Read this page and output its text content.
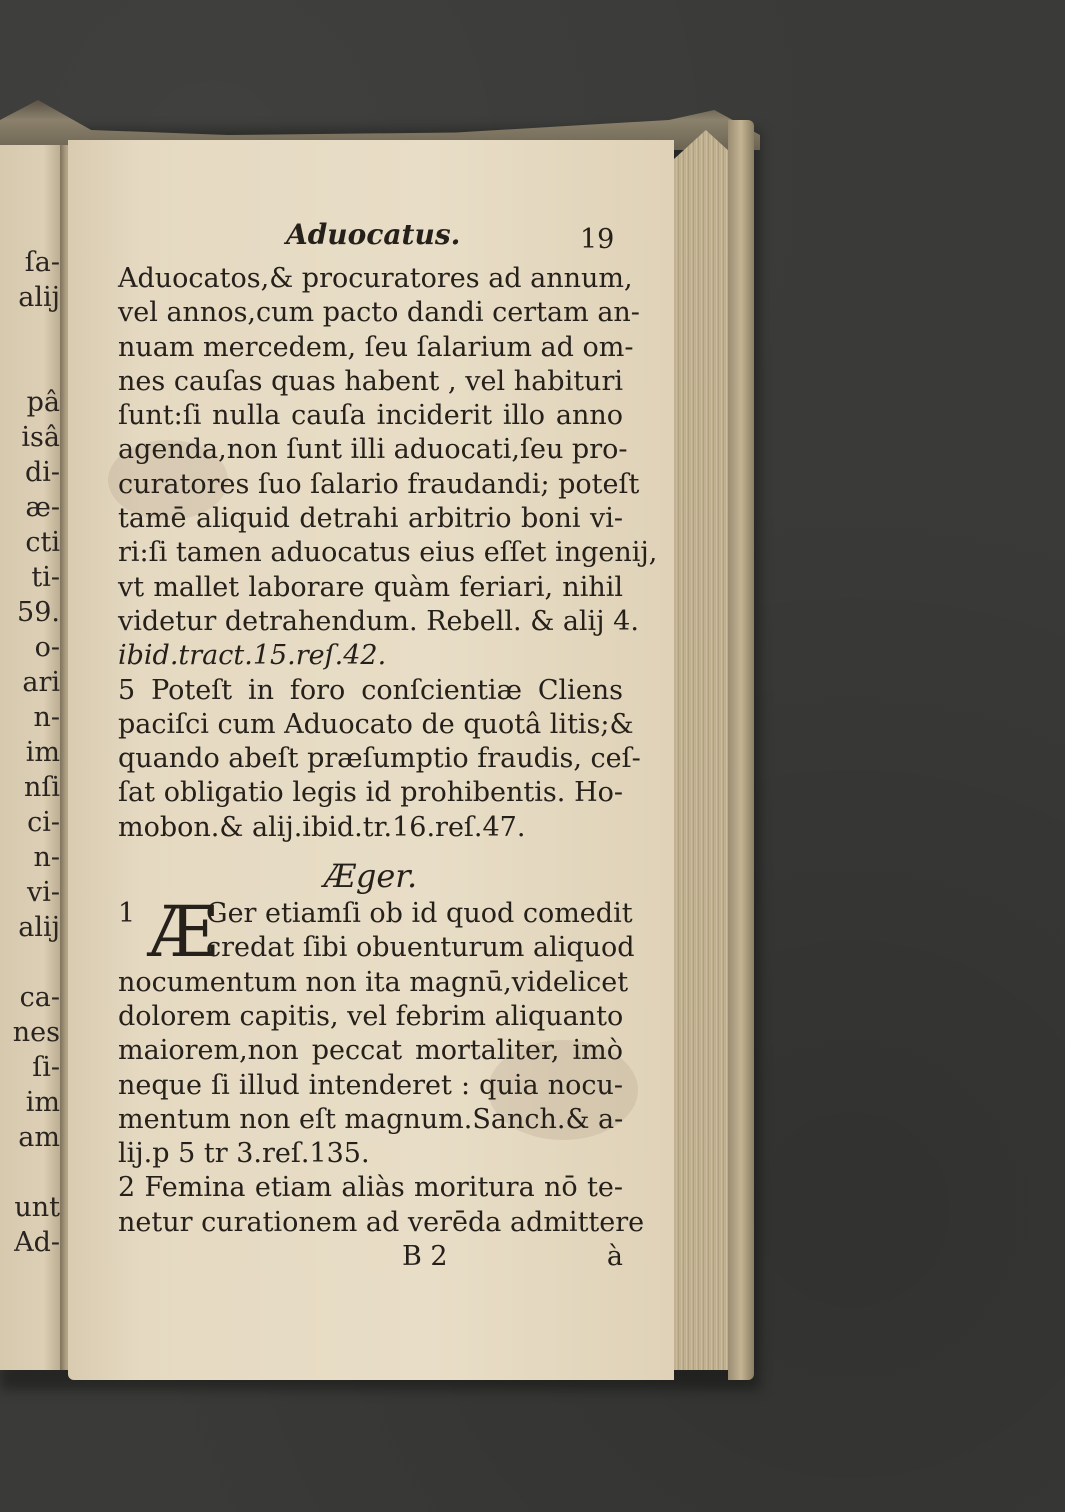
ſa-
alij
pâ
isâ
di-
æ-
cti
ti-
59.
o-
ari
n-
im
nſi
ci-
n-
vi-
alij
ca-
nes
ſi-
im
am
unt
Ad-
Aduocatus.	19
Aduocatos,& procuratores ad annum,
vel annos,cum pacto dandi certam an-
nuam mercedem, ſeu ſalarium ad om-
nes cauſas quas habent , vel habituri
ſunt:ſi nulla cauſa inciderit illo anno
agenda,non ſunt illi aduocati,ſeu pro-
curatores ſuo ſalario fraudandi; poteſt
tamē aliquid detrahi arbitrio boni vi-
ri:ſi tamen aduocatus eius eſſet ingenij,
vt mallet laborare quàm feriari, nihil
videtur detrahendum. Rebell. & alij 4.
ibid.tract.15.reſ.42.
5 Poteſt in foro conſcientiæ Cliens
paciſci cum Aduocato de quotâ litis;&
quando abeſt præſumptio fraudis, ceſ-
ſat obligatio legis id prohibentis. Ho-
mobon.& alij.ibid.tr.16.reſ.47.
Æger.
1 Æ
Ger etiamſi ob id quod comedit
credat ſibi obuenturum aliquod
nocumentum non ita magnū,videlicet
dolorem capitis, vel febrim aliquanto
maiorem,non peccat mortaliter, imò
neque ſi illud intenderet : quia nocu-
mentum non eſt magnum.Sanch.& a-
lij.p 5 tr 3.reſ.135.
2 Femina etiam aliàs moritura nō te-
netur curationem ad verēda admittere
B 2	à
